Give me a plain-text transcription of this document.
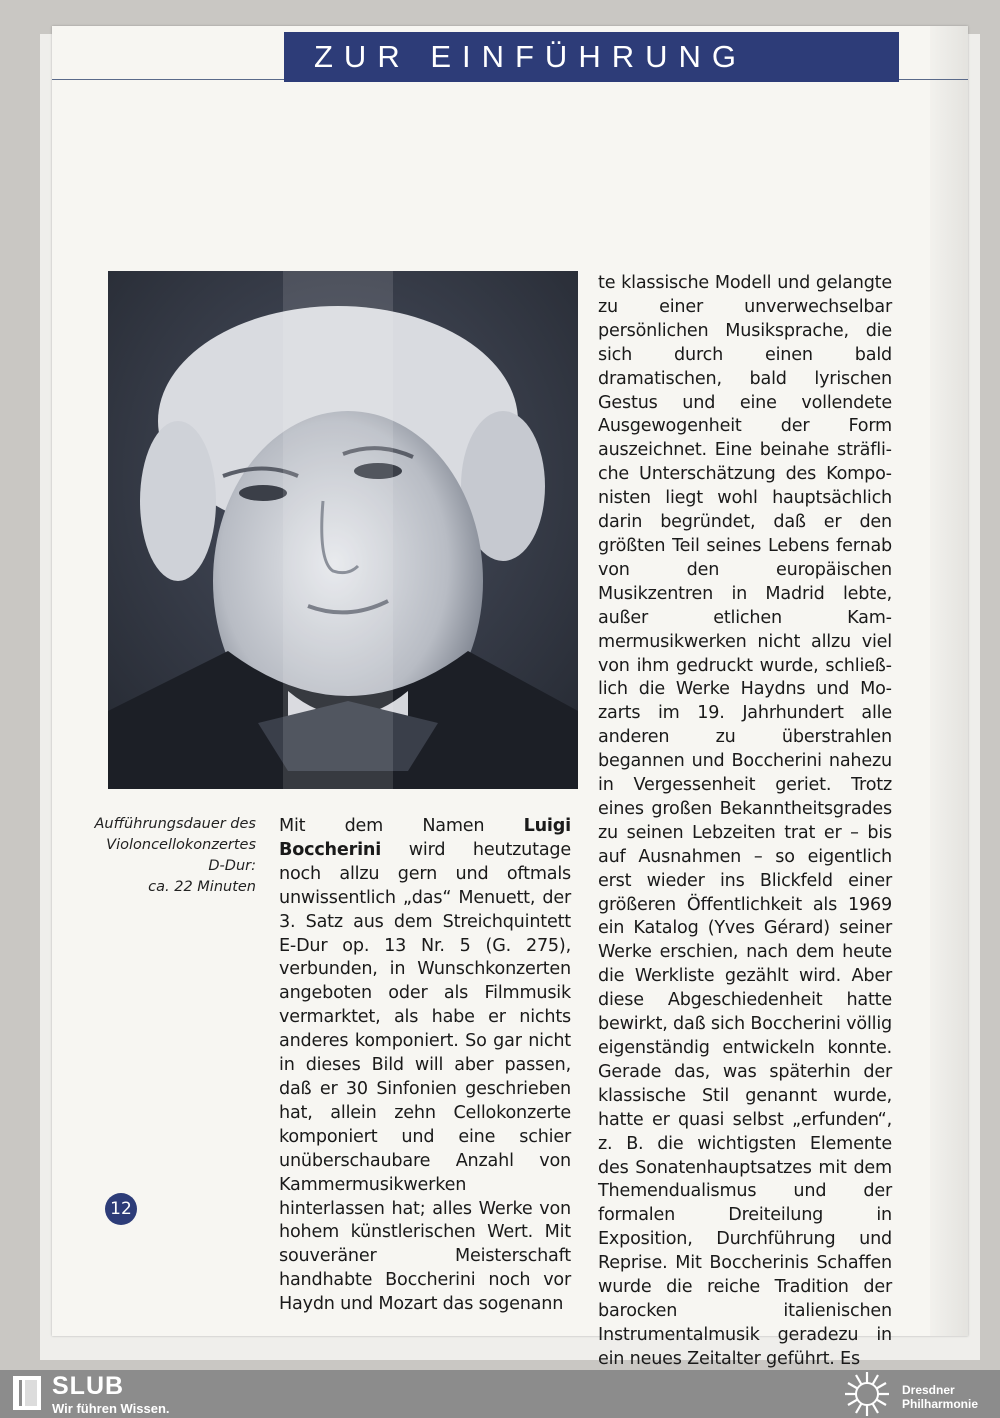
ZUR EINFÜHRUNG
Aufführungsdauer des
Violoncellokonzertes
D-Dur:
ca. 22 Minuten
Mit dem Namen Luigi Boccherini wird heutzutage noch allzu gern und oftmals unwissentlich „das“ Menuett, der 3. Satz aus dem Streichquintett E-Dur op. 13 Nr. 5 (G. 275), verbunden, in Wunschkonzerten angeboten oder als Filmmusik vermarktet, als habe er nichts anderes komponiert. So gar nicht in dieses Bild will aber passen, daß er 30 Sinfonien geschrieben hat, allein zehn Cellokonzerte komponiert und eine schier unüberschaubare Anzahl von Kammermusikwerken hinterlassen hat; alles Werke von hohem künstlerischen Wert. Mit souveräner Meisterschaft handhabte Boccherini noch vor Haydn und Mozart das sogenann
te klassische Modell und gelangte zu einer unverwechselbar persönlichen Musiksprache, die sich durch einen bald dramatischen, bald lyrischen Gestus und eine vollendete Ausgewogenheit der Form auszeichnet. Eine beinahe sträfliche Unterschätzung des Komponisten liegt wohl hauptsächlich darin begründet, daß er den größten Teil seines Lebens fernab von den europäischen Musikzentren in Madrid lebte, außer etlichen Kammermusikwerken nicht allzu viel von ihm gedruckt wurde, schließlich die Werke Haydns und Mozarts im 19. Jahrhundert alle anderen zu überstrahlen begannen und Boccherini nahezu in Vergessenheit geriet. Trotz eines großen Bekanntheitsgrades zu seinen Lebzeiten trat er – bis auf Ausnahmen – so eigentlich erst wieder ins Blickfeld einer größeren Öffentlichkeit als 1969 ein Katalog (Yves Gérard) seiner Werke erschien, nach dem heute die Werkliste gezählt wird. Aber diese Abgeschiedenheit hatte bewirkt, daß sich Boccherini völlig eigenständig entwickeln konnte. Gerade das, was späterhin der klassische Stil genannt wurde, hatte er quasi selbst „erfunden“, z. B. die wichtigsten Elemente des Sonatenhauptsatzes mit dem Themendualismus und der formalen Dreiteilung in Exposition, Durchführung und Reprise. Mit Boccherinis Schaffen wurde die reiche Tradition der barocken italienischen Instrumentalmusik geradezu in ein neues Zeitalter geführt. Es
12
SLUB
Wir führen Wissen.
Dresdner
Philharmonie
